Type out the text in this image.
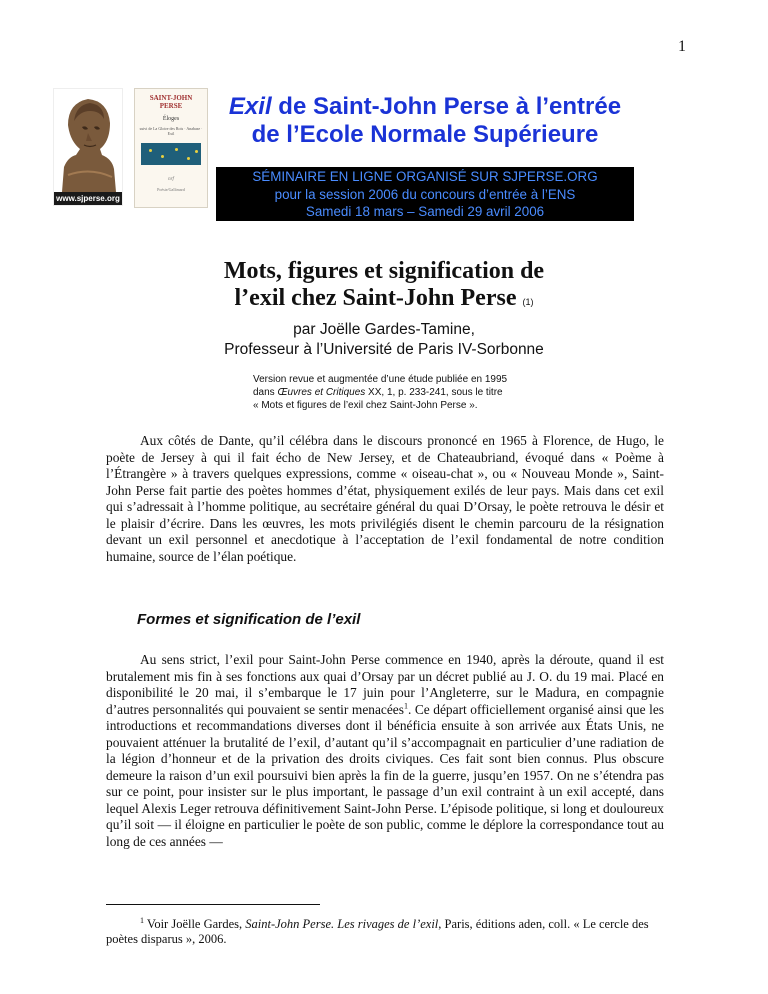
1
www.sjperse.org
SAINT-JOHN
PERSE
Éloges
suivi de La Gloire des Rois · Anabase · Exil
nrf
Poésie/Gallimard
Exil de Saint-John Perse à l’entrée
de l’Ecole Normale Supérieure
SÉMINAIRE EN LIGNE ORGANISÉ SUR SJPERSE.ORG
pour la session 2006 du concours d’entrée à l’ENS
Samedi 18 mars – Samedi 29 avril 2006
Mots, figures et signification de
l’exil chez Saint-John Perse (1)
par Joëlle Gardes-Tamine,
Professeur à l’Université de Paris IV-Sorbonne
Version revue et augmentée d’une étude publiée en 1995
dans Œuvres et Critiques XX, 1, p. 233-241, sous le titre
« Mots et figures de l’exil chez Saint-John Perse ».
Aux côtés de Dante, qu’il célébra dans le discours prononcé en 1965 à Florence, de Hugo, le poète de Jersey à qui il fait écho de New Jersey, et de Chateaubriand, évoqué dans « Poème à l’Étrangère » à travers quelques expressions, comme « oiseau-chat », ou « Nouveau Monde », Saint-John Perse fait partie des poètes hommes d’état, physiquement exilés de leur pays. Mais dans cet exil qui s’adressait à l’homme politique, au secrétaire général du quai D’Orsay, le poète retrouva le désir et le plaisir d’écrire. Dans les œuvres, les mots privilégiés disent le chemin parcouru de la résignation devant un exil personnel et anecdotique à l’acceptation de l’exil fondamental de notre condition humaine, source de l’élan poétique.
Formes et signification de l’exil
Au sens strict, l’exil pour Saint-John Perse commence en 1940, après la déroute, quand il est brutalement mis fin à ses fonctions aux quai d’Orsay par un décret publié au J. O. du 19 mai. Placé en disponibilité le 20 mai, il s’embarque le 17 juin pour l’Angleterre, sur le Madura, en compagnie d’autres personnalités qui pouvaient se sentir menacées$^1$. Ce départ officiellement organisé ainsi que les introductions et recommandations diverses dont il bénéficia ensuite à son arrivée aux États Unis, ne pouvaient atténuer la brutalité de l’exil, d’autant qu’il s’accompagnait en particulier d’une radiation de la légion d’honneur et de la privation des droits civiques. Ces fait sont bien connus. Plus obscure demeure la raison d’un exil poursuivi bien après la fin de la guerre, jusqu’en 1957. On ne s’étendra pas sur ce point, pour insister sur le plus important, le passage d’un exil contraint à un exil accepté, dans lequel Alexis Leger retrouva définitivement Saint-John Perse. L’épisode politique, si long et douloureux qu’il soit — il éloigne en particulier le poète de son public, comme le déplore la correspondance tout au long de ces années —
$^1$ Voir Joëlle Gardes, Saint-John Perse. Les rivages de l’exil, Paris, éditions aden, coll. « Le cercle des poètes disparus », 2006.
